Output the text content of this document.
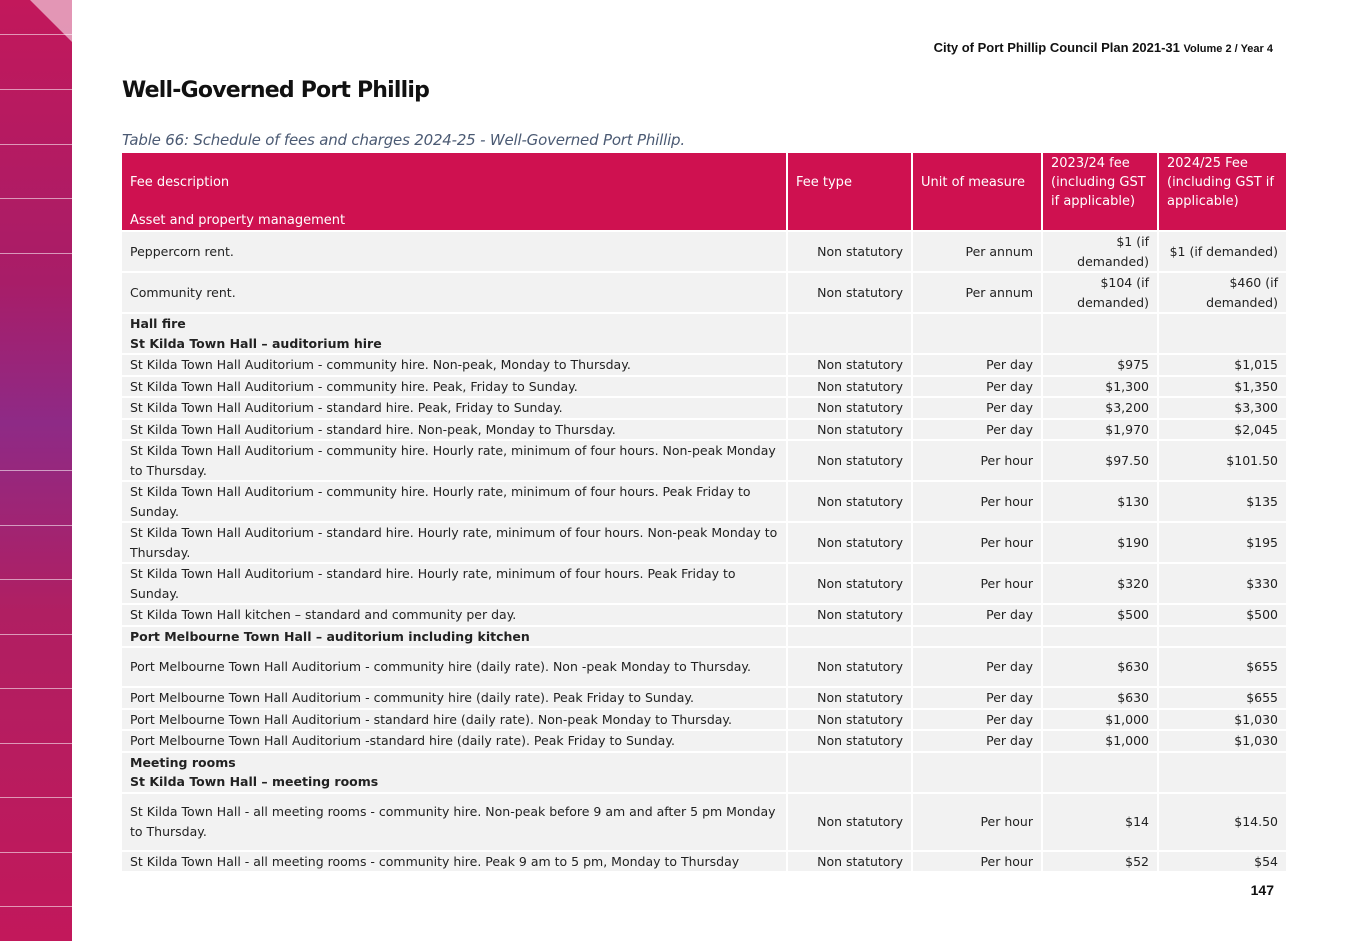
City of Port Phillip Council Plan 2021-31 Volume 2 / Year 4
Well-Governed Port Phillip
Table 66: Schedule of fees and charges 2024-25 - Well-Governed Port Phillip.
Fee description	Fee type	Unit of measure	2023/24 fee (including GST if applicable)	2024/25 Fee (including GST if applicable)
Asset and property management				
Peppercorn rent.	Non statutory	Per annum	$1 (if demanded)	$1 (if demanded)
Community rent.	Non statutory	Per annum	$104 (if demanded)	$460 (if demanded)

Hall fire
St Kilda Town Hall – auditorium hire				

St Kilda Town Hall Auditorium - community hire. Non-peak, Monday to Thursday.	Non statutory	Per day	$975	$1,015
St Kilda Town Hall Auditorium - community hire. Peak, Friday to Sunday.	Non statutory	Per day	$1,300	$1,350
St Kilda Town Hall Auditorium - standard hire. Peak, Friday to Sunday.	Non statutory	Per day	$3,200	$3,300
St Kilda Town Hall Auditorium - standard hire. Non-peak, Monday to Thursday.	Non statutory	Per day	$1,970	$2,045
St Kilda Town Hall Auditorium - community hire. Hourly rate, minimum of four hours. Non-peak Monday to Thursday.	Non statutory	Per hour	$97.50	$101.50
St Kilda Town Hall Auditorium - community hire. Hourly rate, minimum of four hours. Peak Friday to Sunday.	Non statutory	Per hour	$130	$135
St Kilda Town Hall Auditorium - standard hire. Hourly rate, minimum of four hours. Non-peak Monday to Thursday.	Non statutory	Per hour	$190	$195
St Kilda Town Hall Auditorium - standard hire. Hourly rate, minimum of four hours. Peak Friday to Sunday.	Non statutory	Per hour	$320	$330
St Kilda Town Hall kitchen – standard and community per day.	Non statutory	Per day	$500	$500

Port Melbourne Town Hall – auditorium including kitchen				

Port Melbourne Town Hall Auditorium - community hire (daily rate). Non -peak Monday to Thursday.	Non statutory	Per day	$630	$655
Port Melbourne Town Hall Auditorium - community hire (daily rate). Peak Friday to Sunday.	Non statutory	Per day	$630	$655
Port Melbourne Town Hall Auditorium - standard hire (daily rate). Non-peak Monday to Thursday.	Non statutory	Per day	$1,000	$1,030
Port Melbourne Town Hall Auditorium -standard hire (daily rate). Peak Friday to Sunday.	Non statutory	Per day	$1,000	$1,030

Meeting rooms
St Kilda Town Hall – meeting rooms				

St Kilda Town Hall - all meeting rooms - community hire. Non-peak before 9 am and after 5 pm Monday to Thursday.	Non statutory	Per hour	$14	$14.50
St Kilda Town Hall - all meeting rooms - community hire. Peak 9 am to 5 pm, Monday to Thursday	Non statutory	Per hour	$52	$54
147
